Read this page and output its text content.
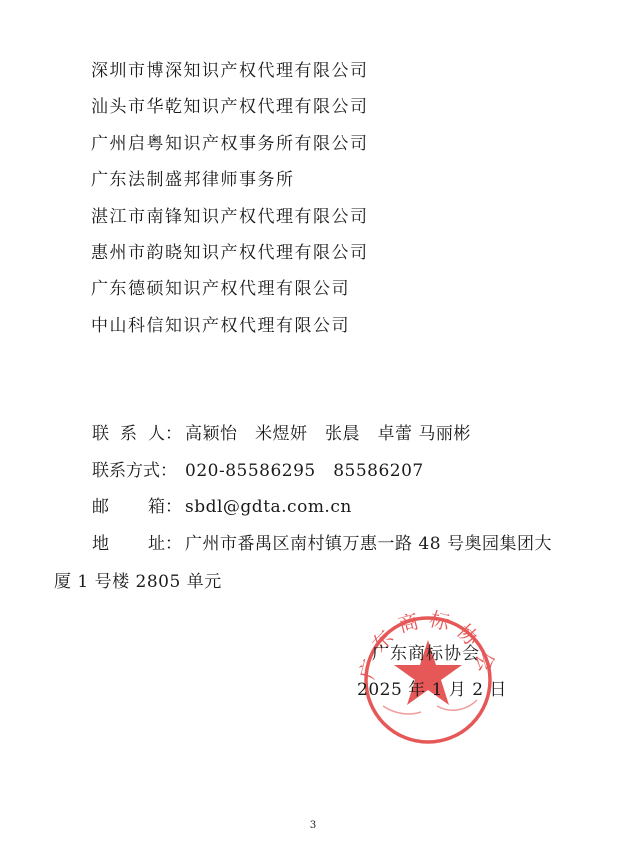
深圳市博深知识产权代理有限公司
汕头市华乾知识产权代理有限公司
广州启粤知识产权事务所有限公司
广东法制盛邦律师事务所
湛江市南锋知识产权代理有限公司
惠州市韵晓知识产权代理有限公司
广东德硕知识产权代理有限公司
中山科信知识产权代理有限公司
联 系 人 ： 高颖怡　米煜妍　张晨　卓蕾 马丽彬
联系方式： 020-85586295　85586207
邮 箱 ： sbdl@gdta.com.cn
地 址 ： 广州市番禺区南村镇万惠一路 48 号奥园集团大
厦 1 号楼 2805 单元
广东商标协会
广东商标协会
2025 年 1 月 2 日
3
